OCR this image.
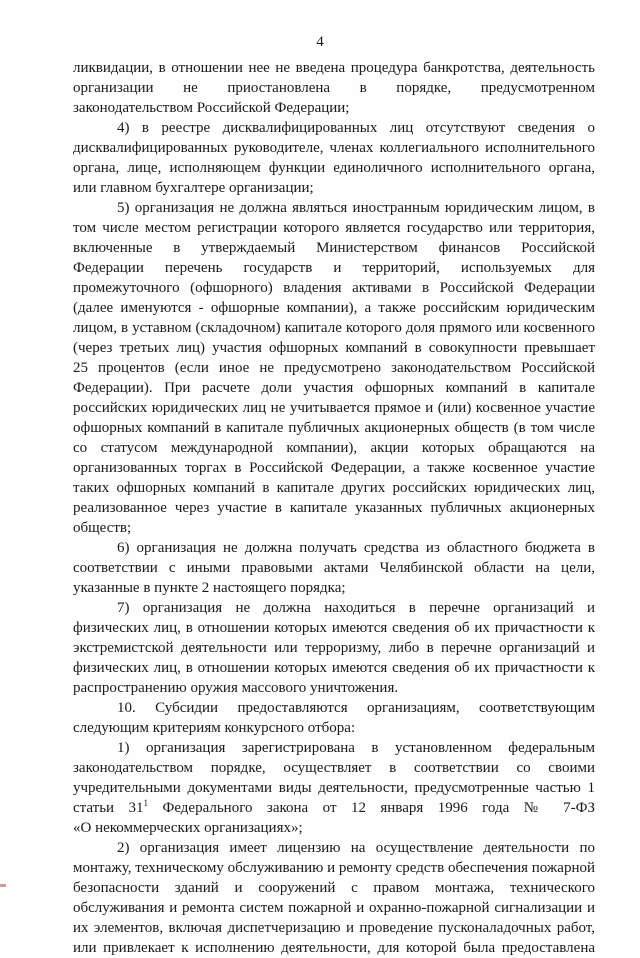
4
ликвидации, в отношении нее не введена процедура банкротства, деятельность
организации не приостановлена в порядке, предусмотренном
законодательством Российской Федерации;
4) в реестре дисквалифицированных лиц отсутствуют сведения о
дисквалифицированных руководителе, членах коллегиального исполнительного
органа, лице, исполняющем функции единоличного исполнительного органа,
или главном бухгалтере организации;
5) организация не должна являться иностранным юридическим лицом, в
том числе местом регистрации которого является государство или территория,
включенные в утверждаемый Министерством финансов Российской
Федерации перечень государств и территорий, используемых для
промежуточного (офшорного) владения активами в Российской Федерации
(далее именуются - офшорные компании), а также российским юридическим
лицом, в уставном (складочном) капитале которого доля прямого или косвенного
(через третьих лиц) участия офшорных компаний в совокупности превышает
25 процентов (если иное не предусмотрено законодательством Российской
Федерации). При расчете доли участия офшорных компаний в капитале
российских юридических лиц не учитывается прямое и (или) косвенное участие
офшорных компаний в капитале публичных акционерных обществ (в том числе
со статусом международной компании), акции которых обращаются на
организованных торгах в Российской Федерации, а также косвенное участие
таких офшорных компаний в капитале других российских юридических лиц,
реализованное через участие в капитале указанных публичных акционерных
обществ;
6) организация не должна получать средства из областного бюджета в
соответствии с иными правовыми актами Челябинской области на цели,
указанные в пункте 2 настоящего порядка;
7) организация не должна находиться в перечне организаций и
физических лиц, в отношении которых имеются сведения об их причастности к
экстремистской деятельности или терроризму, либо в перечне организаций и
физических лиц, в отношении которых имеются сведения об их причастности к
распространению оружия массового уничтожения.
10. Субсидии предоставляются организациям, соответствующим
следующим критериям конкурсного отбора:
1) организация зарегистрирована в установленном федеральным
законодательством порядке, осуществляет в соответствии со своими
учредительными документами виды деятельности, предусмотренные частью 1
статьи $31^1$ Федерального закона от 12 января 1996 года № 7-ФЗ
«О некоммерческих организациях»;
2) организация имеет лицензию на осуществление деятельности по
монтажу, техническому обслуживанию и ремонту средств обеспечения пожарной
безопасности зданий и сооружений с правом монтажа, технического
обслуживания и ремонта систем пожарной и охранно-пожарной сигнализации и
их элементов, включая диспетчеризацию и проведение пусконаладочных работ,
или привлекает к исполнению деятельности, для которой была предоставлена
